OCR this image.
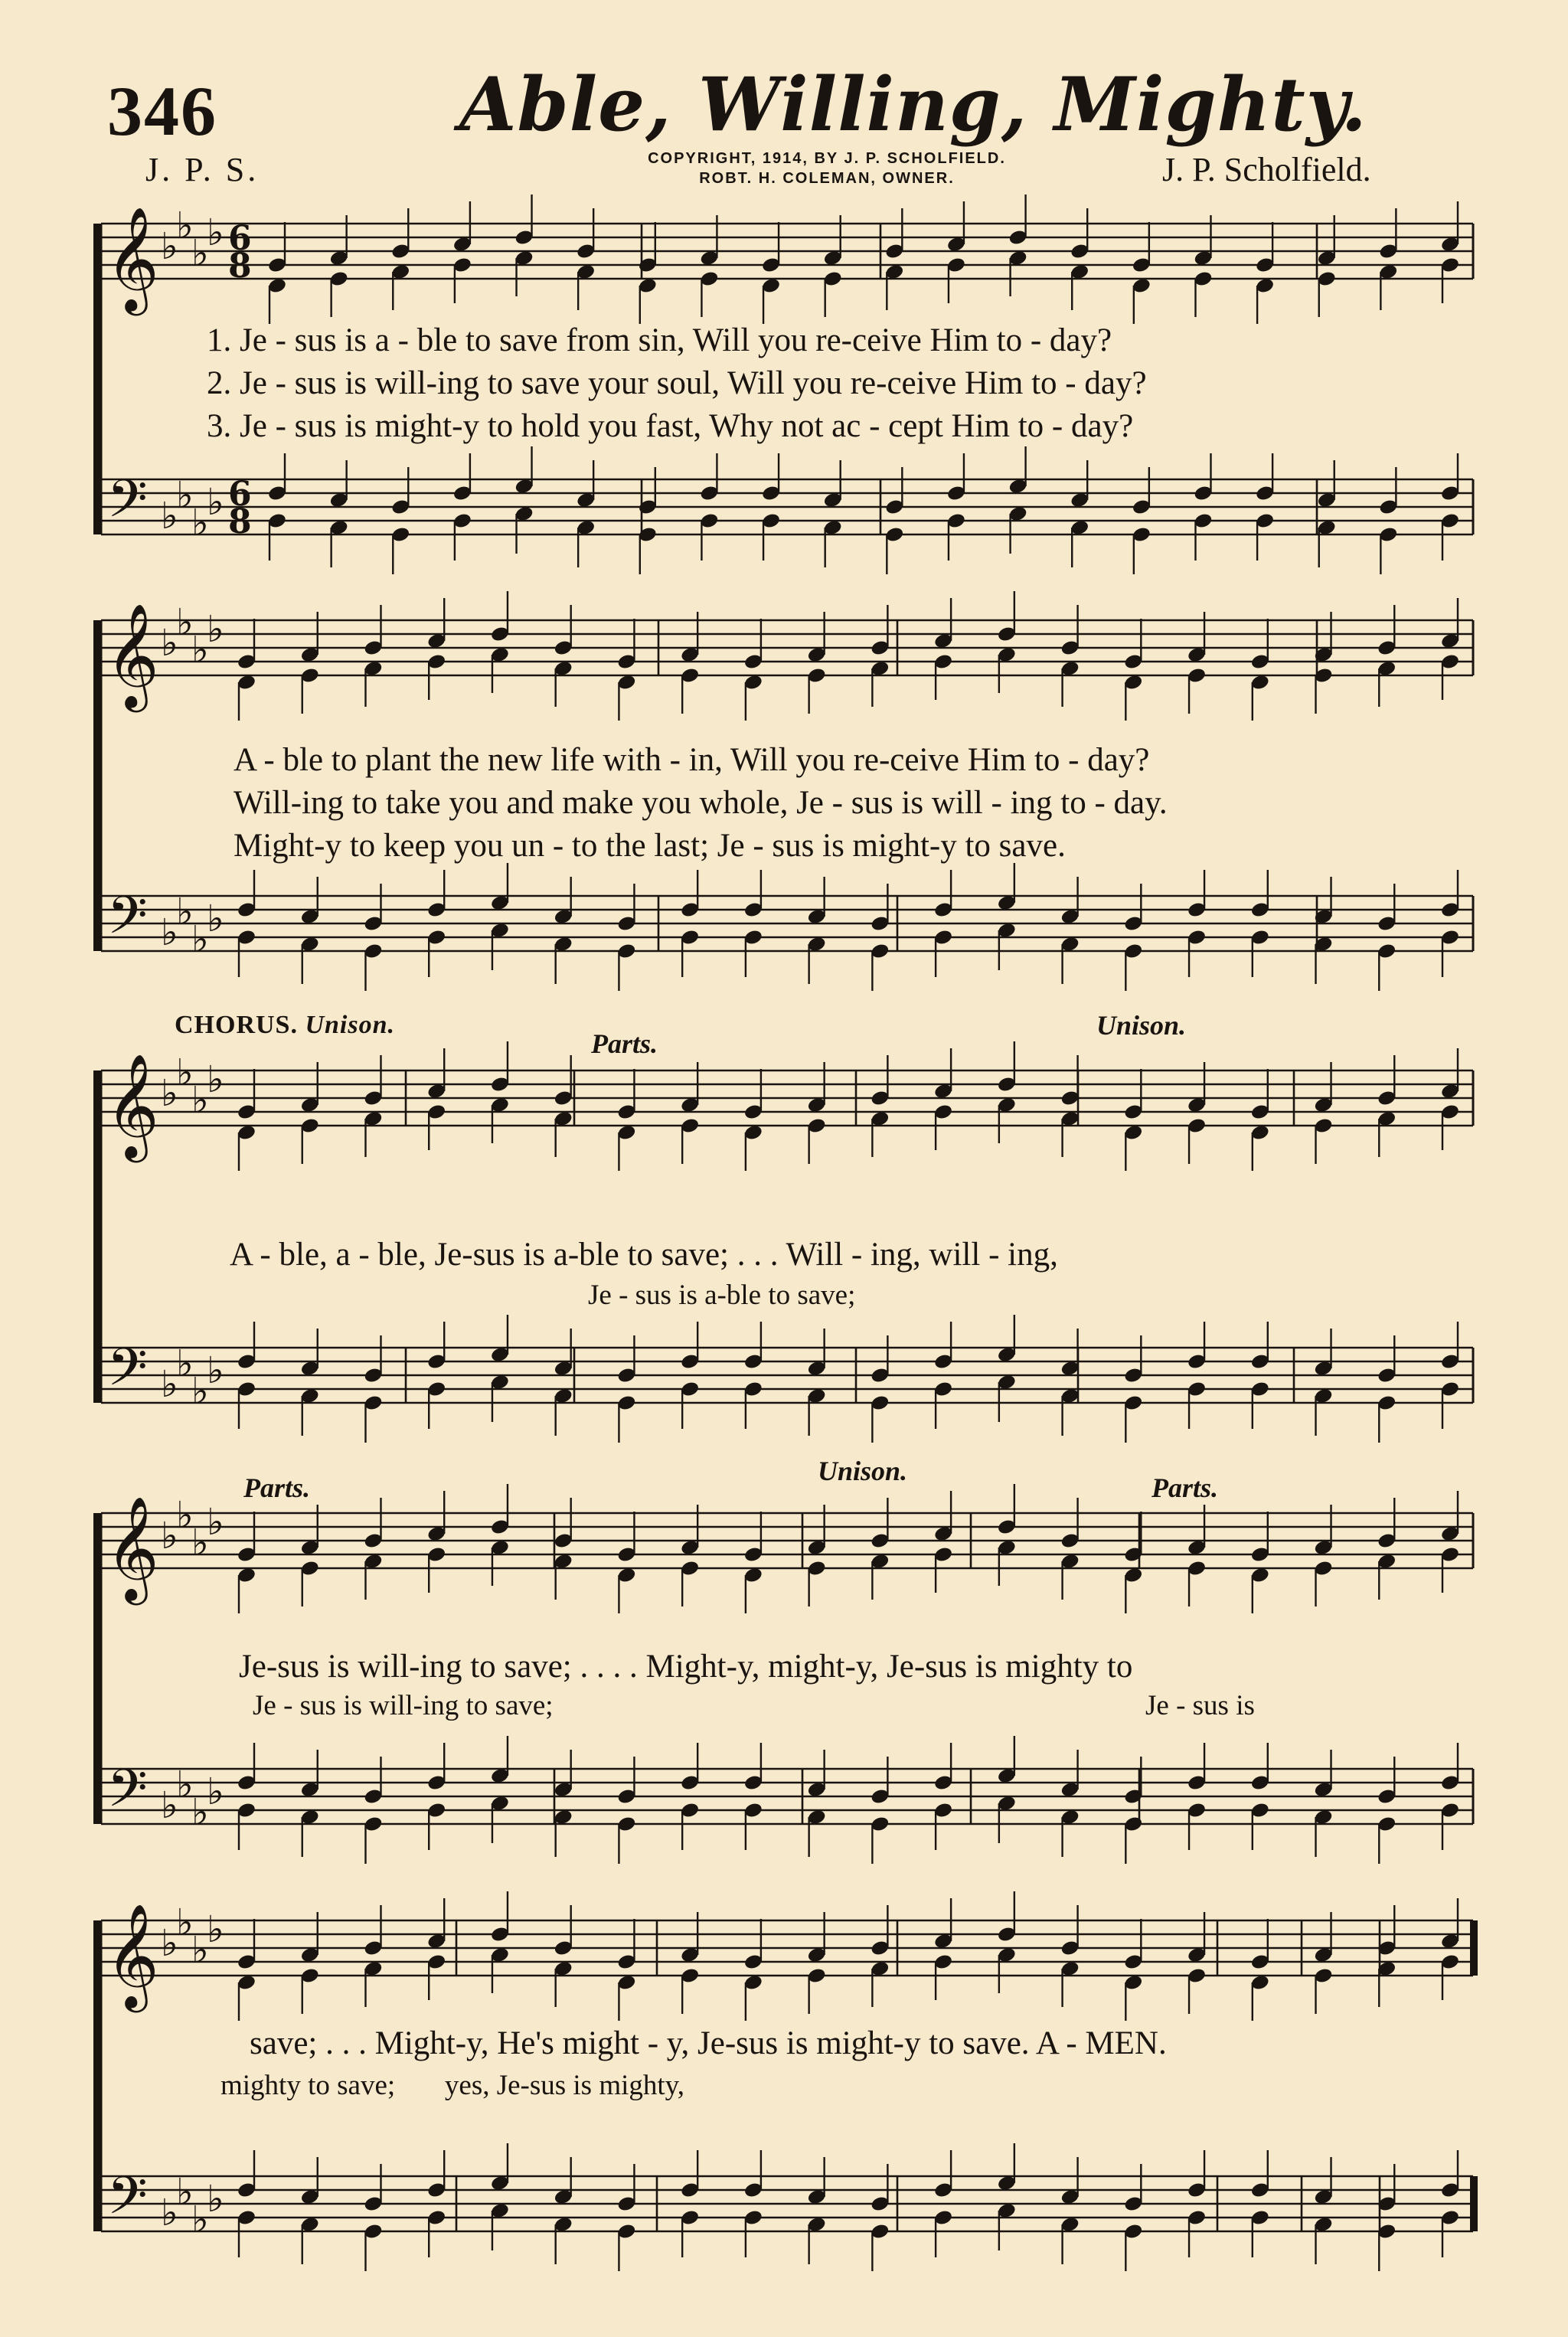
346	Able, Willing, Mighty.
J. P. S.	COPYRIGHT, 1914, BY J. P. SCHOLFIELD.
ROBT. H. COLEMAN, OWNER.	J. P. Scholfield.
𝄞
𝄢
♭
♭
♭
♭
♭
♭
♭
♭
6
8
6
8
𝄞
𝄢
♭
♭
♭
♭
♭
♭
♭
♭
𝄞
𝄢
♭
♭
♭
♭
♭
♭
♭
♭
𝄞
𝄢
♭
♭
♭
♭
♭
♭
♭
♭
𝄞
𝄢
♭
♭
♭
♭
♭
♭
♭
♭
1. Je - sus is a - ble to save from sin, Will you re-ceive Him to - day?
2. Je - sus is will-ing to save your soul, Will you re-ceive Him to - day?
3. Je - sus is might-y to hold you fast, Why not ac - cept Him to - day?
A - ble to plant the new life with - in, Will you re-ceive Him to - day?
Will-ing to take you and make you whole, Je - sus is will - ing to - day.
Might-y to keep you un - to the last; Je - sus is might-y to save.
CHORUS. Unison.
Parts.
Unison.
A - ble, a - ble, Je-sus is a-ble to save; . . . Will - ing, will - ing,
Je - sus is a-ble to save;
Parts.
Unison.
Parts.
Je-sus is will-ing to save; . . . . Might-y, might-y, Je-sus is mighty to
Je - sus is will-ing to save;	Je - sus is
save; . . . Might-y, He's might - y, Je-sus is might-y to save. A - MEN.
mighty to save;       yes, Je-sus is mighty,
